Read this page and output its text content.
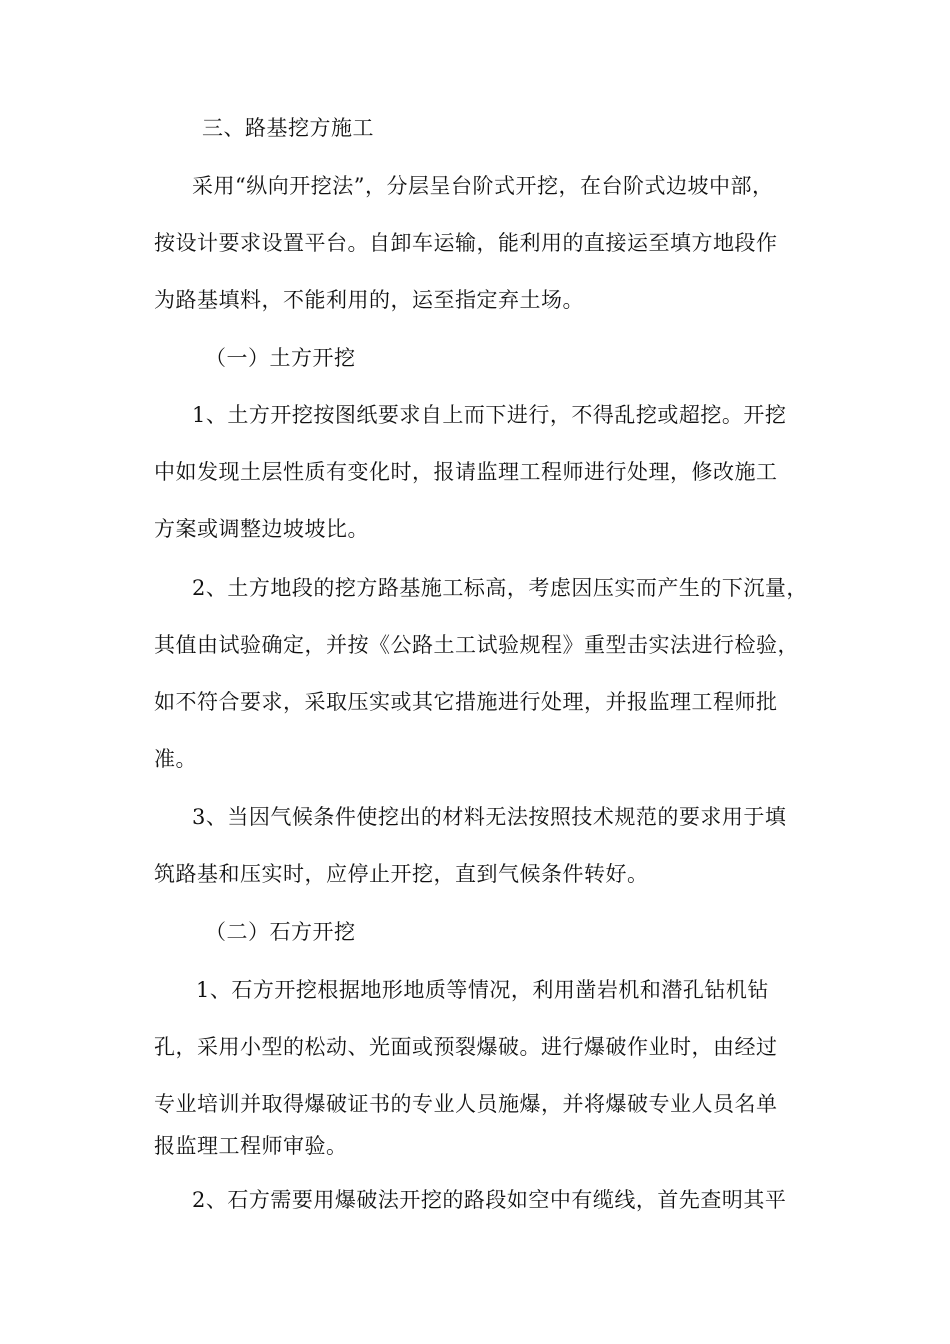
三、路基挖方施工
采用“纵向开挖法”，分层呈台阶式开挖，在台阶式边坡中部，
按设计要求设置平台。自卸车运输，能利用的直接运至填方地段作
为路基填料，不能利用的，运至指定弃土场。
（一）土方开挖
1、土方开挖按图纸要求自上而下进行，不得乱挖或超挖。开挖
中如发现土层性质有变化时，报请监理工程师进行处理，修改施工
方案或调整边坡坡比。
2、土方地段的挖方路基施工标高，考虑因压实而产生的下沉量，
其值由试验确定，并按《公路土工试验规程》重型击实法进行检验，
如不符合要求，采取压实或其它措施进行处理，并报监理工程师批
准。
3、当因气候条件使挖出的材料无法按照技术规范的要求用于填
筑路基和压实时，应停止开挖，直到气候条件转好。
（二）石方开挖
1、石方开挖根据地形地质等情况，利用凿岩机和潜孔钻机钻
孔，采用小型的松动、光面或预裂爆破。进行爆破作业时，由经过
专业培训并取得爆破证书的专业人员施爆，并将爆破专业人员名单
报监理工程师审验。
2、石方需要用爆破法开挖的路段如空中有缆线，首先查明其平
